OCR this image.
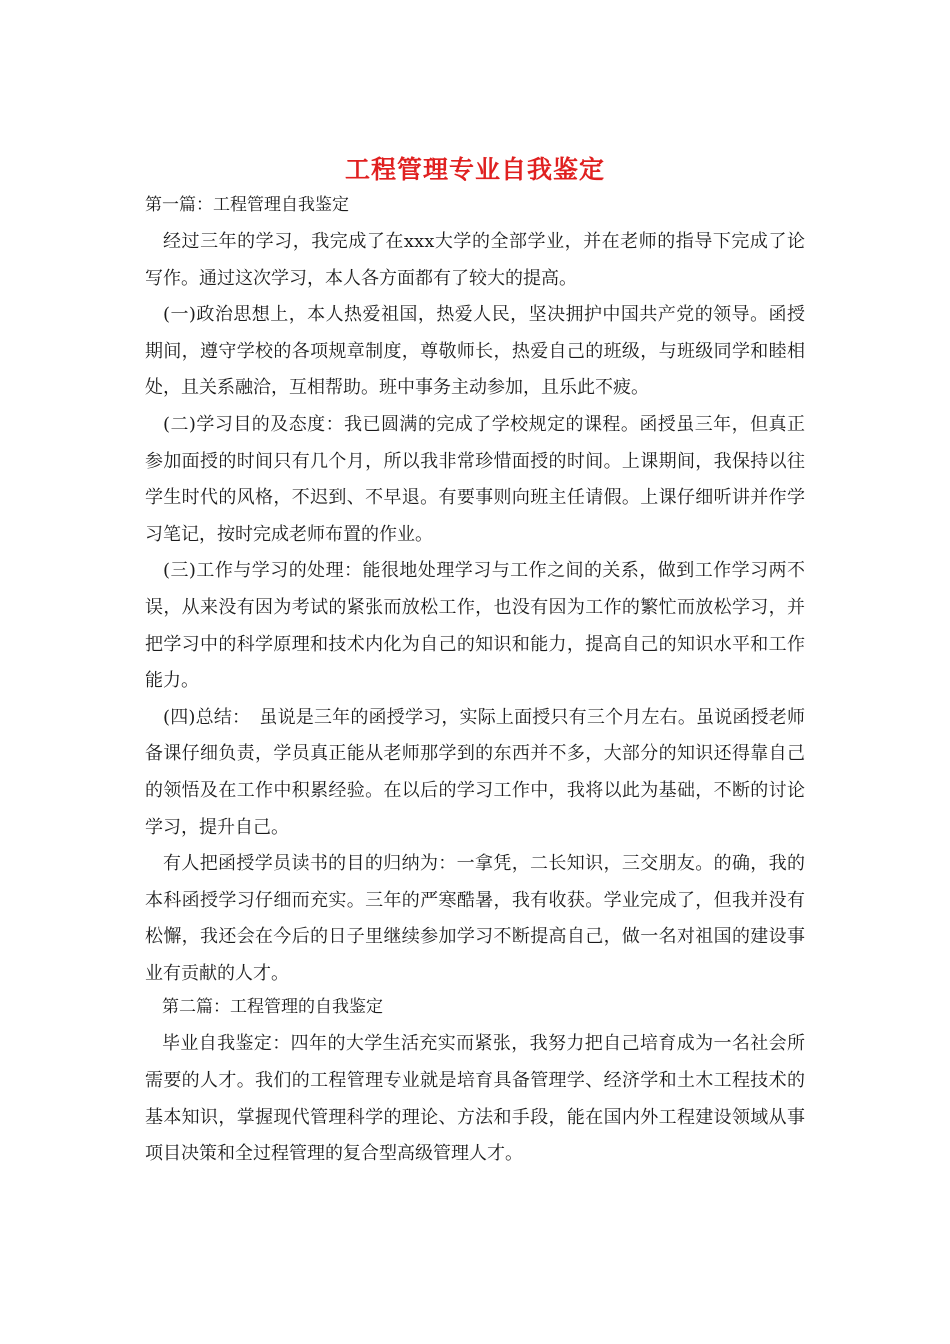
工程管理专业自我鉴定
第一篇：工程管理自我鉴定

经过三年的学习，我完成了在xxx大学的全部学业，并在老师的指导下完成了论写作。通过这次学习，本人各方面都有了较大的提高。

(一)政治思想上，本人热爱祖国，热爱人民，坚决拥护中国共产党的领导。函授期间，遵守学校的各项规章制度，尊敬师长，热爱自己的班级，与班级同学和睦相处，且关系融洽，互相帮助。班中事务主动参加，且乐此不疲。

(二)学习目的及态度：我已圆满的完成了学校规定的课程。函授虽三年，但真正参加面授的时间只有几个月，所以我非常珍惜面授的时间。上课期间，我保持以往学生时代的风格，不迟到、不早退。有要事则向班主任请假。上课仔细听讲并作学习笔记，按时完成老师布置的作业。

(三)工作与学习的处理：能很地处理学习与工作之间的关系，做到工作学习两不误，从来没有因为考试的紧张而放松工作，也没有因为工作的繁忙而放松学习，并把学习中的科学原理和技术内化为自己的知识和能力，提高自己的知识水平和工作能力。

(四)总结：　虽说是三年的函授学习，实际上面授只有三个月左右。虽说函授老师备课仔细负责，学员真正能从老师那学到的东西并不多，大部分的知识还得靠自己的领悟及在工作中积累经验。在以后的学习工作中，我将以此为基础，不断的讨论学习，提升自己。

有人把函授学员读书的目的归纳为：一拿凭，二长知识，三交朋友。的确，我的本科函授学习仔细而充实。三年的严寒酷暑，我有收获。学业完成了，但我并没有松懈，我还会在今后的日子里继续参加学习不断提高自己，做一名对祖国的建设事业有贡献的人才。

第二篇：工程管理的自我鉴定

毕业自我鉴定：四年的大学生活充实而紧张，我努力把自己培育成为一名社会所需要的人才。我们的工程管理专业就是培育具备管理学、经济学和土木工程技术的基本知识，掌握现代管理科学的理论、方法和手段，能在国内外工程建设领域从事项目决策和全过程管理的复合型高级管理人才。
